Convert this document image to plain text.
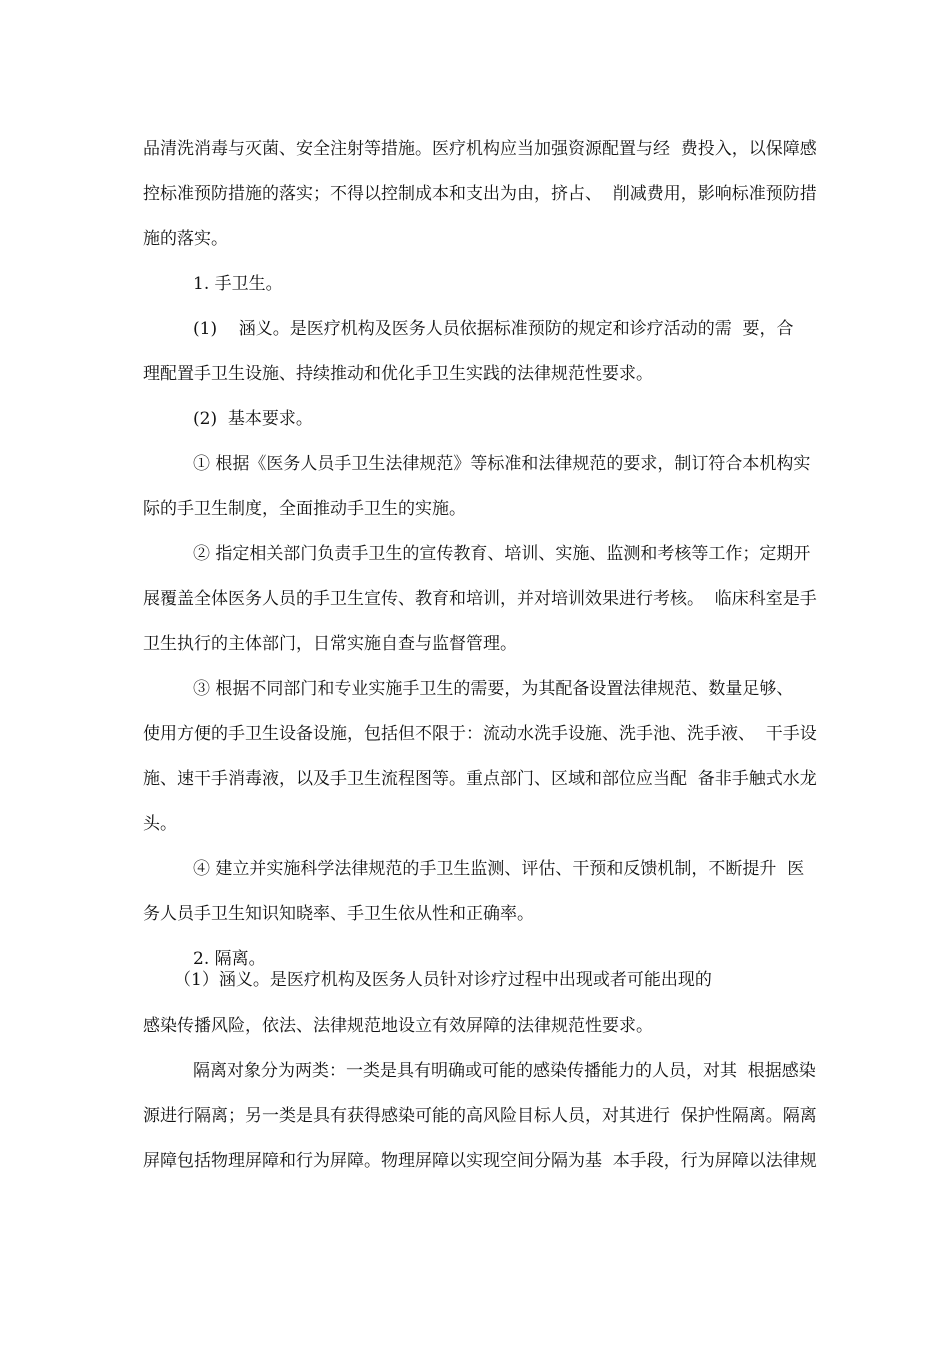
品清洗消毒与灭菌、安全注射等措施。医疗机构应当加强资源配置与经  费投入，以保障感
控标准预防措施的落实；不得以控制成本和支出为由，挤占、  削减费用，影响标准预防措
施的落实。
1. 手卫生。
(1)    涵义。是医疗机构及医务人员依据标准预防的规定和诊疗活动的需  要，合
理配置手卫生设施、持续推动和优化手卫生实践的法律规范性要求。
(2)  基本要求。
① 根据《医务人员手卫生法律规范》等标准和法律规范的要求，制订符合本机构实
际的手卫生制度，全面推动手卫生的实施。
② 指定相关部门负责手卫生的宣传教育、培训、实施、监测和考核等工作；定期开
展覆盖全体医务人员的手卫生宣传、教育和培训，并对培训效果进行考核。  临床科室是手
卫生执行的主体部门，日常实施自查与监督管理。
③ 根据不同部门和专业实施手卫生的需要，为其配备设置法律规范、数量足够、
使用方便的手卫生设备设施，包括但不限于：流动水洗手设施、洗手池、洗手液、  干手设
施、速干手消毒液，以及手卫生流程图等。重点部门、区域和部位应当配  备非手触式水龙
头。
④ 建立并实施科学法律规范的手卫生监测、评估、干预和反馈机制，不断提升  医
务人员手卫生知识知晓率、手卫生依从性和正确率。
2. 隔离。
（1）涵义。是医疗机构及医务人员针对诊疗过程中出现或者可能出现的
感染传播风险，依法、法律规范地设立有效屏障的法律规范性要求。
隔离对象分为两类：一类是具有明确或可能的感染传播能力的人员，对其  根据感染
源进行隔离；另一类是具有获得感染可能的高风险目标人员，对其进行  保护性隔离。隔离
屏障包括物理屏障和行为屏障。物理屏障以实现空间分隔为基  本手段，行为屏障以法律规
